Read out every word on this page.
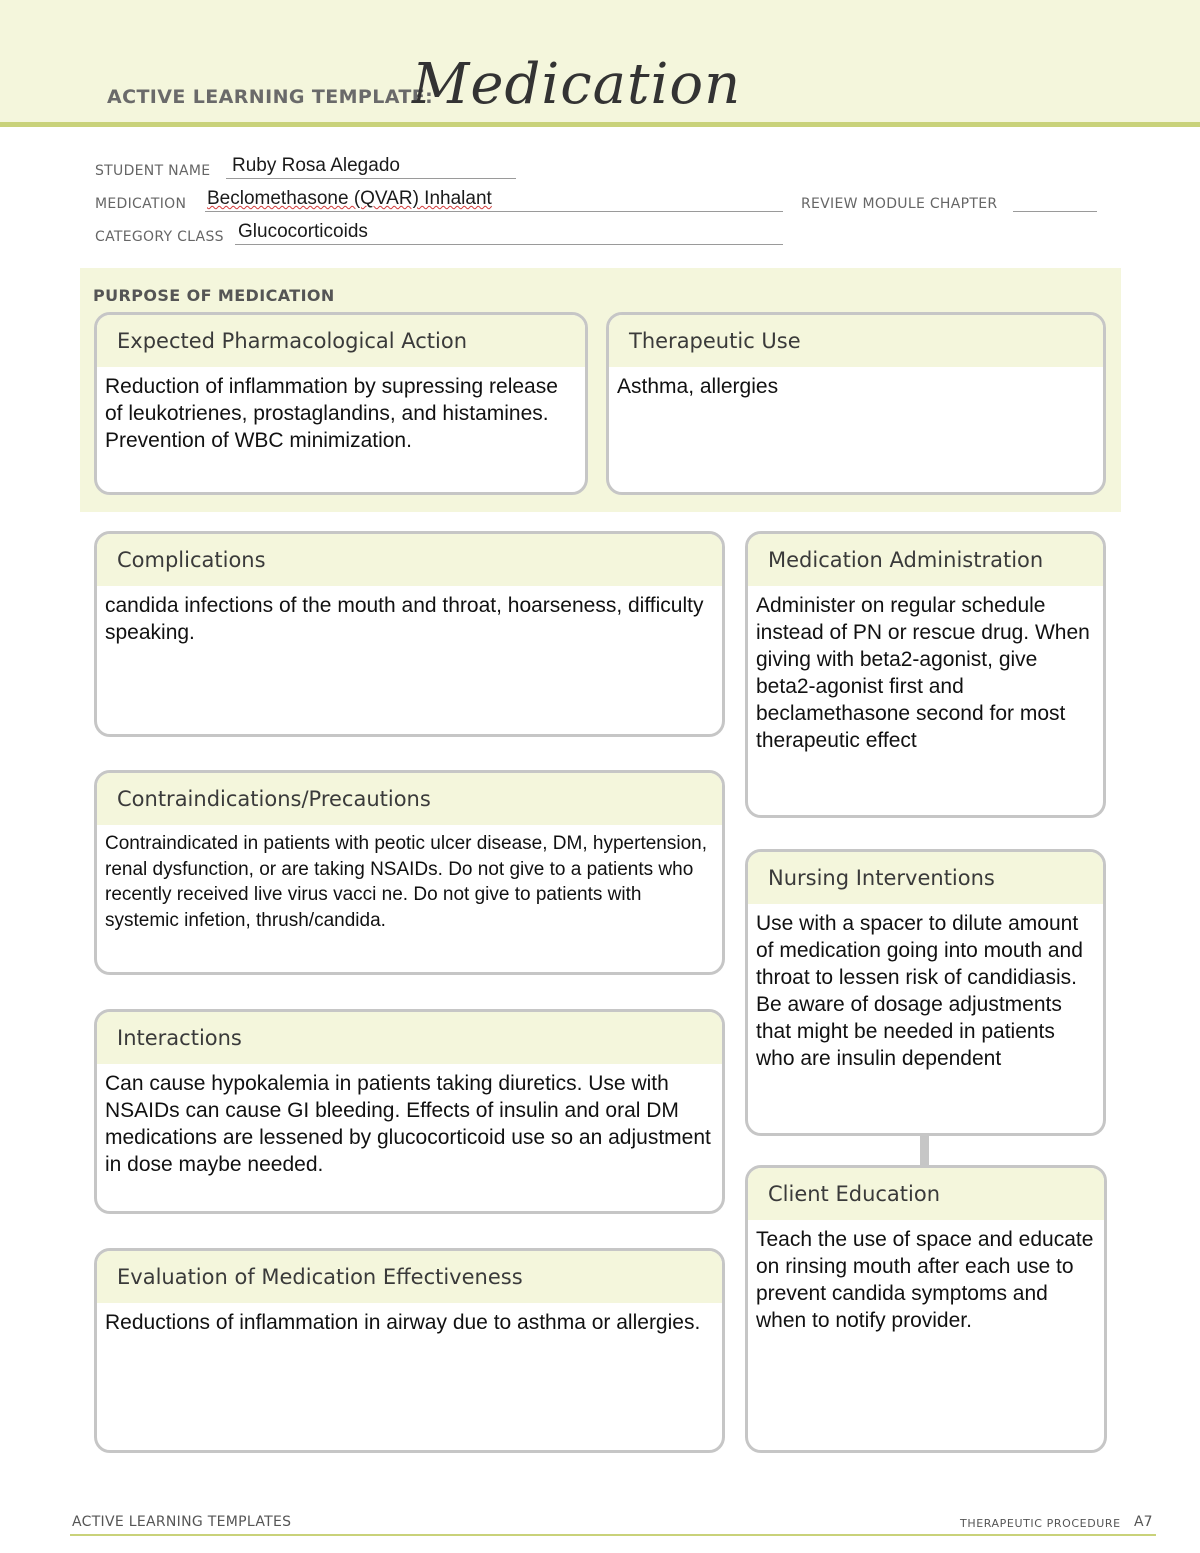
ACTIVE LEARNING TEMPLATE:
Medication
STUDENT NAME Ruby Rosa Alegado
MEDICATION Beclomethasone (QVAR) Inhalant	REVIEW MODULE CHAPTER
CATEGORY CLASS Glucocorticoids
PURPOSE OF MEDICATION
Expected Pharmacological Action
Reduction of inflammation by supressing release of leukotrienes, prostaglandins, and histamines. Prevention of WBC minimization.
Therapeutic Use
Asthma, allergies
Complications
candida infections of the mouth and throat, hoarseness, difficulty speaking.
Contraindications/Precautions
Contraindicated in patients with peotic ulcer disease, DM, hypertension, renal dysfunction, or are taking NSAIDs. Do not give to a patients who recently received live virus vacci ne. Do not give to patients with systemic infetion, thrush/candida.
Interactions
Can cause hypokalemia in patients taking diuretics. Use with NSAIDs can cause GI bleeding. Effects of insulin and oral DM medications are lessened by glucocorticoid use so an adjustment in dose maybe needed.
Evaluation of Medication Effectiveness
Reductions of inflammation in airway due to asthma or allergies.
Medication Administration
Administer on regular schedule instead of PN or rescue drug. When giving with beta2-agonist, give beta2-agonist first and beclamethasone second for most therapeutic effect
Nursing Interventions
Use with a spacer to dilute amount of medication going into mouth and throat to lessen risk of candidiasis. Be aware of dosage adjustments that might be needed in patients who are insulin dependent
Client Education
Teach the use of space and educate on rinsing mouth after each use to prevent candida symptoms and when to notify provider.
ACTIVE LEARNING TEMPLATES	THERAPEUTIC PROCEDURE A7
